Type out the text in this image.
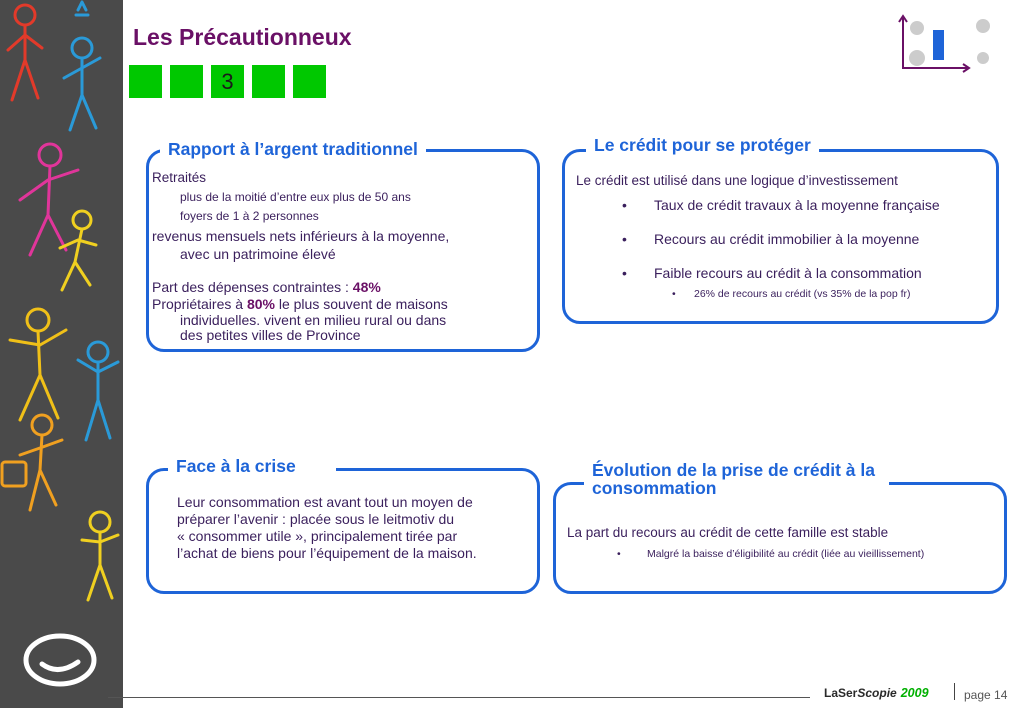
Les Précautionneux
3
Rapport à l’argent traditionnel
Retraités
plus de la moitié d’entre eux plus de 50 ans
foyers de 1 à 2 personnes
revenus mensuels nets inférieurs à la moyenne,
avec un patrimoine élevé
Part des dépenses contraintes : 48%
Propriétaires à 80% le plus souvent de maisons
individuelles. vivent en milieu rural ou dans
des petites villes de Province
Le crédit pour se protéger
Le crédit est utilisé dans une logique d’investissement
• Taux de crédit travaux à la moyenne française
• Recours au crédit immobilier à la moyenne
• Faible recours au crédit à la consommation
• 26% de recours au crédit (vs 35% de la pop fr)
Face à la crise
Leur consommation est avant tout un moyen de
préparer l’avenir : placée sous le leitmotiv du
« consommer utile », principalement tirée par
l’achat de biens pour l’équipement de la maison.
Évolution de la prise de crédit à la
consommation
La part du recours au crédit de cette famille est stable
•	Malgré la baisse d’éligibilité au crédit (liée au vieillissement)
LaSerScopie 2009	page 14
